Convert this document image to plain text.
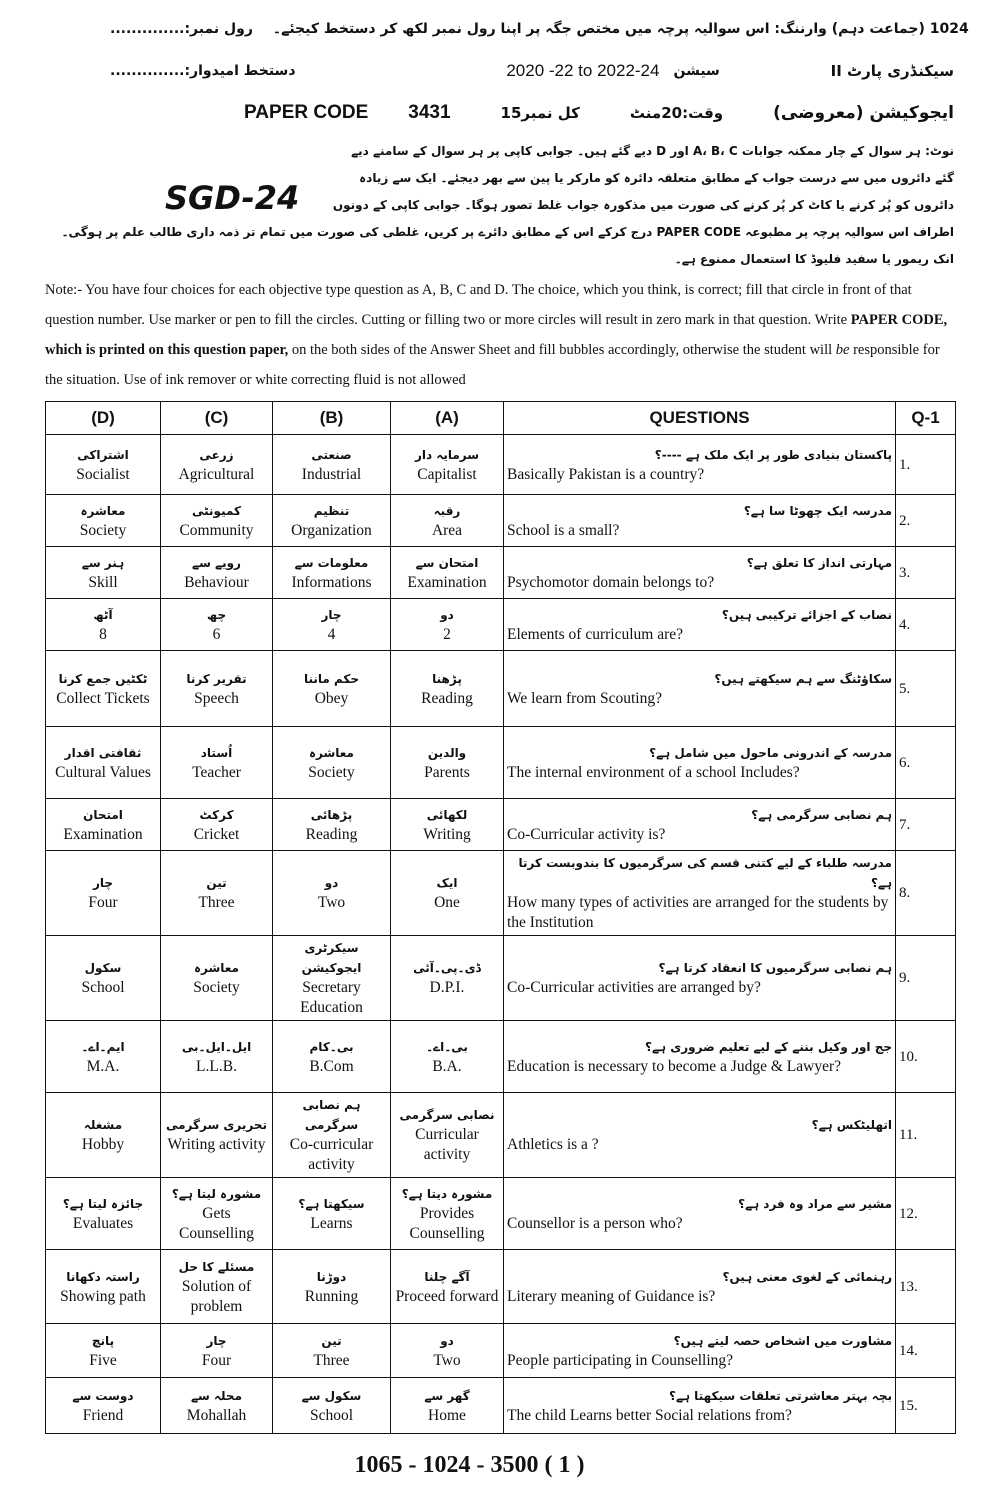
رول نمبر:.............. 1024 (جماعت دہم) وارننگ: اس سوالیہ پرچہ میں مختص جگہ پر اپنا رول نمبر لکھ کر دستخط کیجئے۔
دستخط امیدوار:..............	2020 -22 to 2022-24 سیشن	سیکنڈری پارٹ II
PAPER CODE 3431	کل نمبر15	وقت:20منٹ	ایجوکیشن (معروضی)
SGD-24
نوٹ: ہر سوال کے چار ممکنہ جوابات A، B، C اور D دیے گئے ہیں۔ جوابی کاپی پر ہر سوال کے سامنے دیے گئے دائروں میں سے درست جواب کے مطابق متعلقہ دائرہ کو مارکر یا پین سے بھر دیجئے۔ ایک سے زیادہ دائروں کو پُر کرنے یا کاٹ کر پُر کرنے کی صورت میں مذکورہ جواب غلط تصور ہوگا۔ جوابی کاپی کے دونوں اطراف اس سوالیہ پرچہ پر مطبوعہ PAPER CODE درج کرکے اس کے مطابق دائرے پر کریں، غلطی کی صورت میں تمام تر ذمہ داری طالب علم پر ہوگی۔ انک ریمور یا سفید فلیوڈ کا استعمال ممنوع ہے۔
Note:- You have four choices for each objective type question as A, B, C and D. The choice, which you think, is correct; fill that circle in front of that question number. Use marker or pen to fill the circles. Cutting or filling two or more circles will result in zero mark in that question. Write PAPER CODE, which is printed on this question paper, on the both sides of the Answer Sheet and fill bubbles accordingly, otherwise the student will be responsible for the situation. Use of ink remover or white correcting fluid is not allowed
(D)	(C)	(B)	(A)	QUESTIONS	Q-1

اشتراکی
Socialist	زرعی
Agricultural	صنعتی
Industrial	سرمایہ دار
Capitalist	پاکستان بنیادی طور پر ایک ملک ہے ----؟
Basically Pakistan is a country?	1.

معاشرہ
Society	کمیونٹی
Community	تنظیم
Organization	رقبہ
Area	مدرسہ ایک چھوٹا سا ہے؟
School is a small?	2.

ہنر سے
Skill	رویے سے
Behaviour	معلومات سے
Informations	امتحان سے
Examination	مہارتی انداز کا تعلق ہے؟
Psychomotor domain belongs to?	3.

آٹھ
8	چھ
6	چار
4	دو
2	نصاب کے اجزائے ترکیبی ہیں؟
Elements of curriculum are?	4.

ٹکٹیں جمع کرنا
Collect Tickets	تقریر کرنا
Speech	حکم ماننا
Obey	پڑھنا
Reading	سکاؤٹنگ سے ہم سیکھتے ہیں؟
We learn from Scouting?	5.

ثقافتی اقدار
Cultural Values	اُستاد
Teacher	معاشرہ
Society	والدین
Parents	مدرسہ کے اندرونی ماحول میں شامل ہے؟
The internal environment of a school Includes?	6.

امتحان
Examination	کرکٹ
Cricket	پڑھائی
Reading	لکھائی
Writing	ہم نصابی سرگرمی ہے؟
Co-Curricular activity is?	7.

چار
Four	تین
Three	دو
Two	ایک
One	مدرسہ طلباء کے لیے کتنی قسم کی سرگرمیوں کا بندوبست کرتا ہے؟
How many types of activities are arranged for the students by the Institution	8.

سکول
School	معاشرہ
Society	سیکرٹری ایجوکیشن
Secretary Education	ڈی۔پی۔آئی
D.P.I.	ہم نصابی سرگرمیوں کا انعقاد کرتا ہے؟
Co-Curricular activities are arranged by?	9.

ایم۔اے۔
M.A.	ایل۔ایل۔بی
L.L.B.	بی۔کام
B.Com	بی۔اے۔
B.A.	جج اور وکیل بننے کے لیے تعلیم ضروری ہے؟
Education is necessary to become a Judge & Lawyer?	10.

مشغلہ
Hobby	تحریری سرگرمی
Writing activity	ہم نصابی سرگرمی
Co-curricular activity	نصابی سرگرمی
Curricular activity	اتھلیٹکس ہے؟
Athletics is a ?	11.

جائزہ لیتا ہے؟
Evaluates	مشورہ لیتا ہے؟
Gets Counselling	سیکھتا ہے؟
Learns	مشورہ دیتا ہے؟
Provides Counselling	مشیر سے مراد وہ فرد ہے؟
Counsellor is a person who?	12.

راستہ دکھانا
Showing path	مسئلے کا حل
Solution of problem	دوڑنا
Running	آگے چلنا
Proceed forward	رہنمائی کے لغوی معنی ہیں؟
Literary meaning of Guidance is?	13.

پانچ
Five	چار
Four	تین
Three	دو
Two	مشاورت میں اشخاص حصہ لیتے ہیں؟
People participating in Counselling?	14.

دوست سے
Friend	محلہ سے
Mohallah	سکول سے
School	گھر سے
Home	بچہ بہتر معاشرتی تعلقات سیکھتا ہے؟
The child Learns better Social relations from?	15.
1065 - 1024 - 3500 ( 1 )
